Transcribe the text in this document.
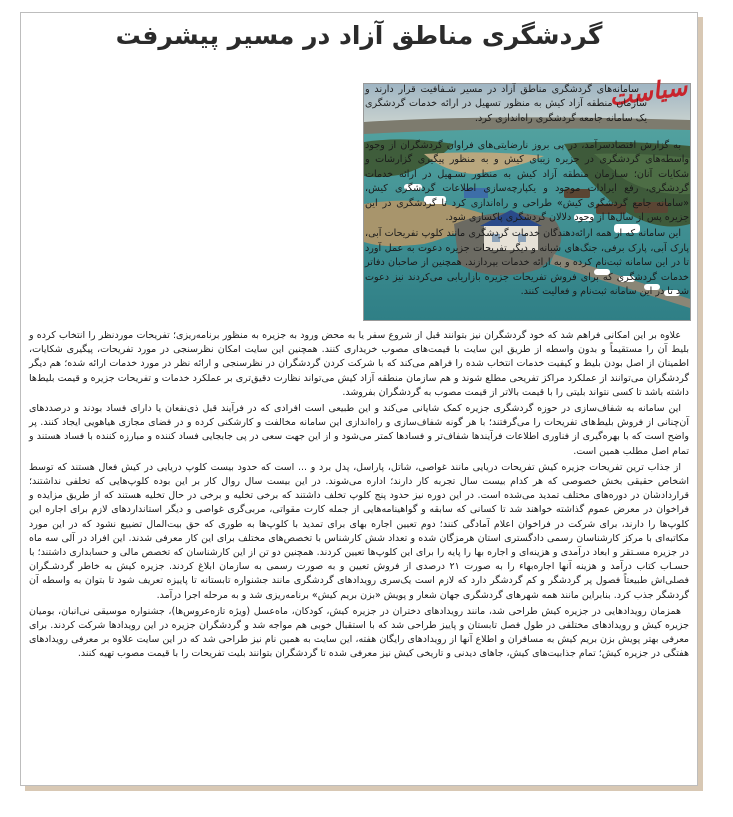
گردشگری مناطق آزاد در مسیر پیشرفت
سیاست

سامانه‌های گردشگری مناطق آزاد در مسیر شـفافیت قرار دارند و سازمان منطقه آزاد کیش به منظور تسهیل در ارائه خدمات گردشگری یک سامانه جامعه گردشگری راه‌اندازی کرد.

به گزارش اقتصادسرآمد، در پی بروز نارضایتی‌های فراوان گردشگران از وجود واسطه‌های گردشگری در جزیره زیبای کیش و به منظور پیگیری گزارشات و شکایات آنان؛ سـازمان منطقه آزاد کیش به منظور تسـهیل در ارائه خدمات گردشگری، رفع ایرادات موجود و یکپارچه‌سازی اطلاعات گردشگری کیش، «سامانه جامع گردشگری کیش» طراحی و راه‌اندازی کرد تا گردشگری در این جزیره پس از سال‌ها از وجود دلالان گردشگری پاکسازی شود.

این سامانه که از همه ارائه‌دهندگان خدمات گردشگری مانند کلوپ تفریحات آبی، پارک آبی، پارک برفی، جنگ‌های شبانه و دیگر تفریحات جزیره دعوت به عمل آورد تا در این سامانه ثبت‌نام کرده و به ارائه خدمات بپردازند. همچنین از صاحبان دفاتر خدمات گردشگری که برای فروش تفریحات جزیره بازاریابی می‌کردند نیز دعوت شد تا در این سامانه ثبت‌نام و فعالیت کنند.

علاوه بر این امکانی فراهم شد که خود گردشگران نیز بتوانند قبل از شروع سفر یا به محض ورود به جزیره به منظور برنامه‌ریزی؛ تفریحات موردنظر را انتخاب کرده و بلیط آن را مستقیماً و بدون واسطه از طریق این سایت با قیمت‌های مصوب خریداری کنند. همچنین این سایت امکان نظرسنجی در مورد تفریحات، پیگیری شکایات، اطمینان از اصل بودن بلیط و کیفیت خدمات انتخاب شده را فراهم می‌کند که با شرکت کردن گردشگران در نظرسنجی و ارائه نظر در مورد خدمات ارائه شده؛ هم دیگر گردشگران می‌توانند از عملکرد مراکز تفریحی مطلع شوند و هم سازمان منطقه آزاد کیش می‌تواند نظارت دقیق‌تری بر عملکرد خدمات و تفریحات جزیره و قیمت بلیط‌ها داشته باشد تا کسی نتواند بلیتی را با قیمت بالاتر از قیمت مصوب به گردشگران بفروشد.

این سامانه به شفاف‌سازی در حوزه گردشگری جزیره کمک شایانی می‌کند و این طبیعی است افرادی که در فرآیند قبل ذی‌نفعان یا دارای فساد بودند و درصددهای آن‌چنانی از فروش بلیط‌های تفریحات را می‌گرفتند؛ با هر گونه شفاف‌سازی و راه‌اندازی این سامانه مخالفت و کارشکنی کرده و در فضای مجازی هیاهویی ایجاد کنند. پر واضح است که با بهره‌گیری از فناوری اطلاعات فرآیندها شفاف‌تر و فسادها کمتر می‌شود و از این جهت سعی در پی جابجایی فساد کننده و مبارزه کننده با فساد هستند و تمام اصل مطلب همین است.

از جذاب ترین تفریحات جزیره کیش تفریحات دریایی مانند غواصی، شاتل، پاراسل، پدل برد و ... است که حدود بیست کلوپ دریایی در کیش فعال هستند که توسط اشخاص حقیقی بخش خصوصی که هر کدام بیست سال تجربه کار دارند؛ اداره می‌شوند. در این بیست سال روال کار بر این بوده کلوپ‌هایی که تخلفی نداشتند؛ قراردادشان در دوره‌های مختلف تمدید می‌شده است. در این دوره نیز حدود پنج کلوپ تخلف داشتند که برخی تخلیه و برخی در حال تخلیه هستند که از طریق مزایده و فراخوان در معرض عموم گذاشته خواهند شد تا کسانی که سابقه و گواهینامه‌هایی از جمله کارت مقواتی، مربی‌گری غواصی و دیگر استانداردهای لازم برای اجاره این کلوپ‌ها را دارند، برای شرکت در فراخوان اعلام آمادگی کنند؛ دوم تعیین اجاره بهای برای تمدید با کلوپ‌ها به طوری که حق بیت‌المال تضییع نشود که در این مورد مکاتبه‌ای با مرکز کارشناسان رسمی دادگستری استان هرمزگان شده و تعداد شش کارشناس با تخصص‌های مختلف برای این کار معرفی شدند. این افراد در آلی سه ماه در جزیره مسـتقر و ابعاد درآمدی و هزینه‌ای و اجاره بها را پایه را برای این کلوپ‌ها تعیین کردند. همچنین دو تن از این کارشناسان که تخصص مالی و حسابداری داشتند؛ با حسـاب کتاب درآمد و هزینه آنها اجاره‌بهاء را به صورت ۲۱ درصدی از فروش تعیین و به صورت رسمی به سازمان ابلاغ کردند. جزیره کیش به خاطر گردشـگران فصلی‌اش طبیعتاً فصول پر گردشگر و کم گردشگر دارد که لازم است یک‌سری رویدادهای گردشگری مانند جشنواره تابستانه تا پاییزه تعریف شود تا بتوان به واسطه آن گردشگر جذب کرد. بنابراین مانند همه شهرهای گردشگری جهان شعار و پویش «بزن بریم کیش» برنامه‌ریزی شد و به مرحله اجرا درآمد.

همزمان رویدادهایی در جزیره کیش طراحی شد، مانند رویدادهای دختران در جزیره کیش، کودکان، ماه‌عسل (ویژه تازه‌عروس‌ها)، جشنواره موسیقی نی‌انبان، بومیان جزیره کیش و رویدادهای مختلفی در طول فصل تابستان و پاییز طراحی شد که با استقبال خوبی هم مواجه شد و گردشگران جزیره در این رویدادها شرکت کردند. برای معرفی بهتر پویش بزن بریم کیش به مسافران و اطلاع آنها از رویدادهای رایگان هفته، این سایت به همین نام نیز طراحی شد که در این سایت علاوه بر معرفی رویدادهای هفتگی در جزیره کیش؛ تمام جذابیت‌های کیش، جاهای دیدنی و تاریخی کیش نیز معرفی شده تا گردشگران بتوانند بلیت تفریحات را با قیمت مصوب تهیه کنند.
